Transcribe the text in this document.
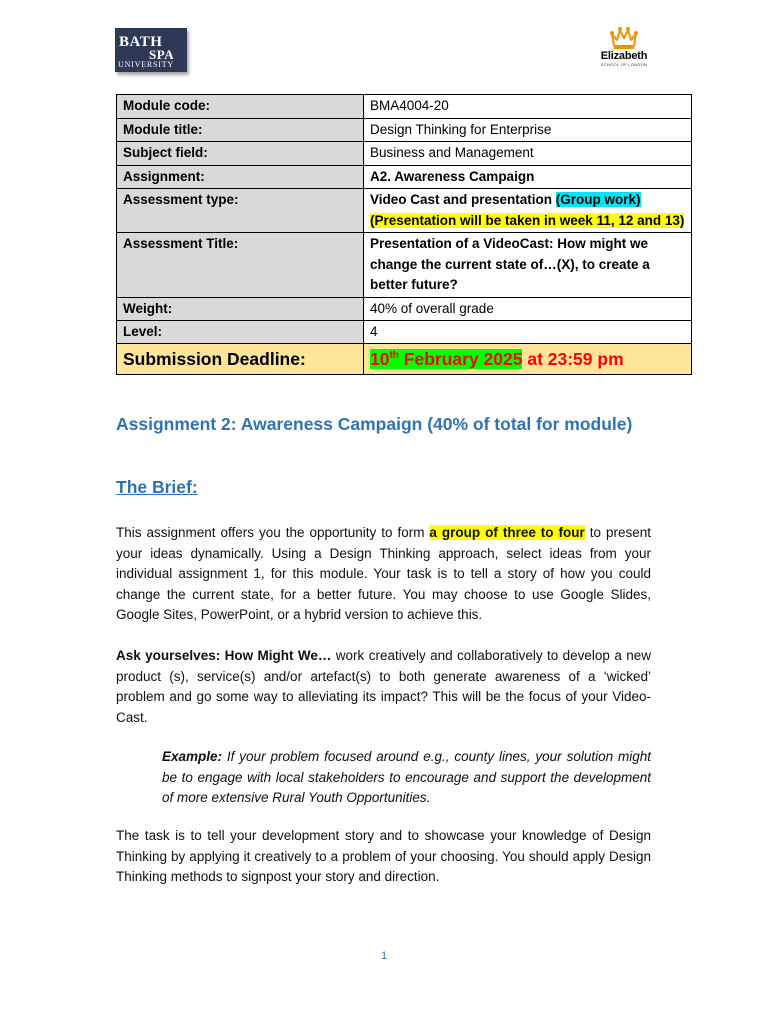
BATH
SPA
UNIVERSITY
Elizabeth
SCHOOL OF LONDON
Module code:	BMA4004-20
Module title:	Design Thinking for Enterprise
Subject field:	Business and Management
Assignment:	A2. Awareness Campaign
Assessment type:	Video Cast and presentation (Group work)
(Presentation will be taken in week 11, 12 and 13)
Assessment Title:	Presentation of a VideoCast: How might we change the current state of…(X), to create a better future?
Weight:	40% of overall grade
Level:	4
Submission Deadline:	10th February 2025 at 23:59 pm
Assignment 2: Awareness Campaign (40% of total for module)
The Brief:
This assignment offers you the opportunity to form a group of three to four to present your ideas dynamically. Using a Design Thinking approach, select ideas from your individual assignment 1, for this module. Your task is to tell a story of how you could change the current state, for a better future. You may choose to use Google Slides, Google Sites, PowerPoint, or a hybrid version to achieve this.
Ask yourselves: How Might We… work creatively and collaboratively to develop a new product (s), service(s) and/or artefact(s) to both generate awareness of a ‘wicked’ problem and go some way to alleviating its impact? This will be the focus of your Video-Cast.
Example: If your problem focused around e.g., county lines, your solution might be to engage with local stakeholders to encourage and support the development of more extensive Rural Youth Opportunities.
The task is to tell your development story and to showcase your knowledge of Design Thinking by applying it creatively to a problem of your choosing. You should apply Design Thinking methods to signpost your story and direction.
1
